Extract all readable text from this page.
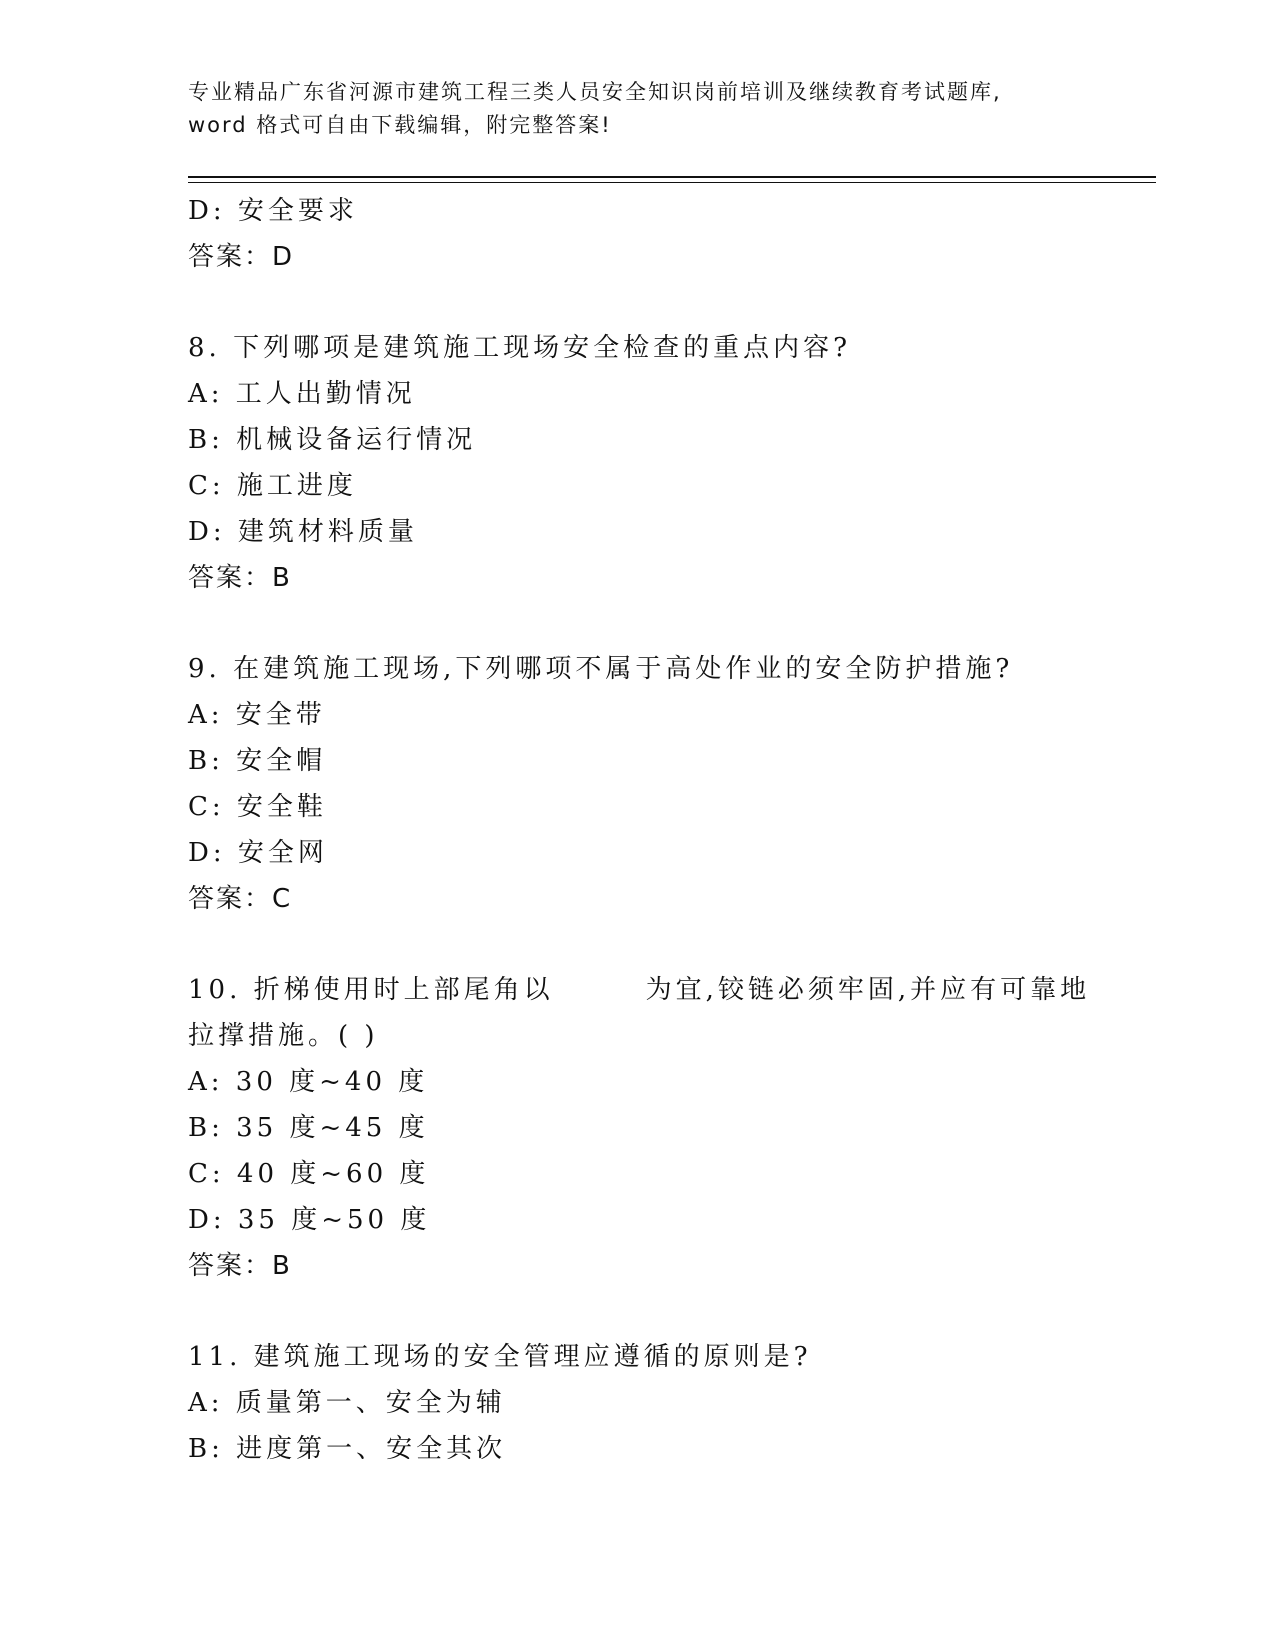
专业精品广东省河源市建筑工程三类人员安全知识岗前培训及继续教育考试题库,
word 格式可自由下载编辑，附完整答案!
D: 安全要求
答案：D
8. 下列哪项是建筑施工现场安全检查的重点内容?
A: 工人出勤情况
B: 机械设备运行情况
C: 施工进度
D: 建筑材料质量
答案：B
9. 在建筑施工现场,下列哪项不属于高处作业的安全防护措施?
A: 安全带
B: 安全帽
C: 安全鞋
D: 安全网
答案：C
10. 折梯使用时上部尾角以	为宜,铰链必须牢固,并应有可靠地
拉撑措施。( )
A: 30 度~40 度
B: 35 度~45 度
C: 40 度~60 度
D: 35 度~50 度
答案：B
11. 建筑施工现场的安全管理应遵循的原则是?
A: 质量第一、安全为辅
B: 进度第一、安全其次
